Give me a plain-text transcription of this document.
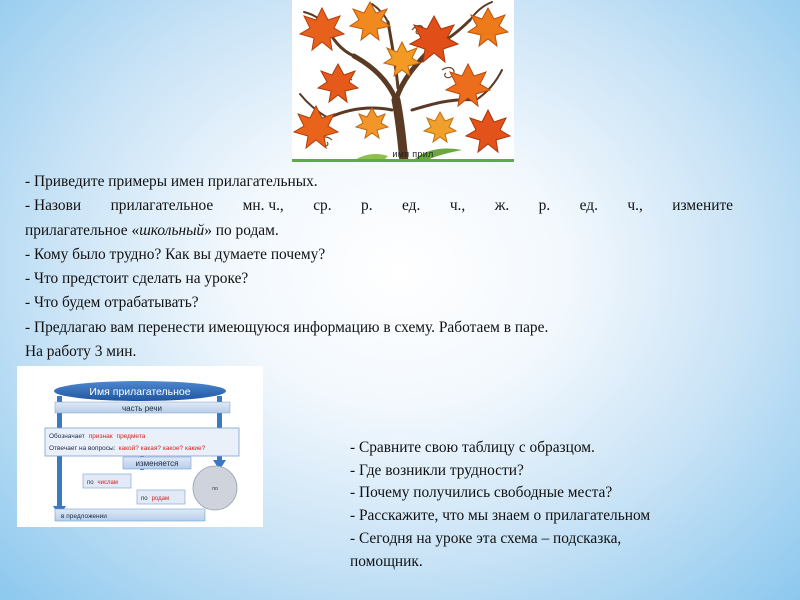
имя прил
- Приведите примеры имен прилагательных.
- Назови прилагательное мн. ч., ср. р. ед. ч., ж. р. ед. ч., измените
прилагательное «школьный» по родам.
- Кому было трудно? Как вы думаете почему?
- Что предстоит сделать на уроке?
- Что будем отрабатывать?
- Предлагаю вам перенести имеющуюся информацию в схему. Работаем в паре.
На работу 3 мин.
Имя прилагательное
часть речи
Обозначает признак предмета
Отвечает на вопросы: какой? какая? какое? какие?
изменяется
по числам
по родам
по
в предложении
- Сравните свою таблицу с образцом.
- Где возникли трудности?
- Почему получились свободные места?
- Расскажите, что мы знаем о прилагательном
- Сегодня на уроке эта схема – подсказка,
помощник.
